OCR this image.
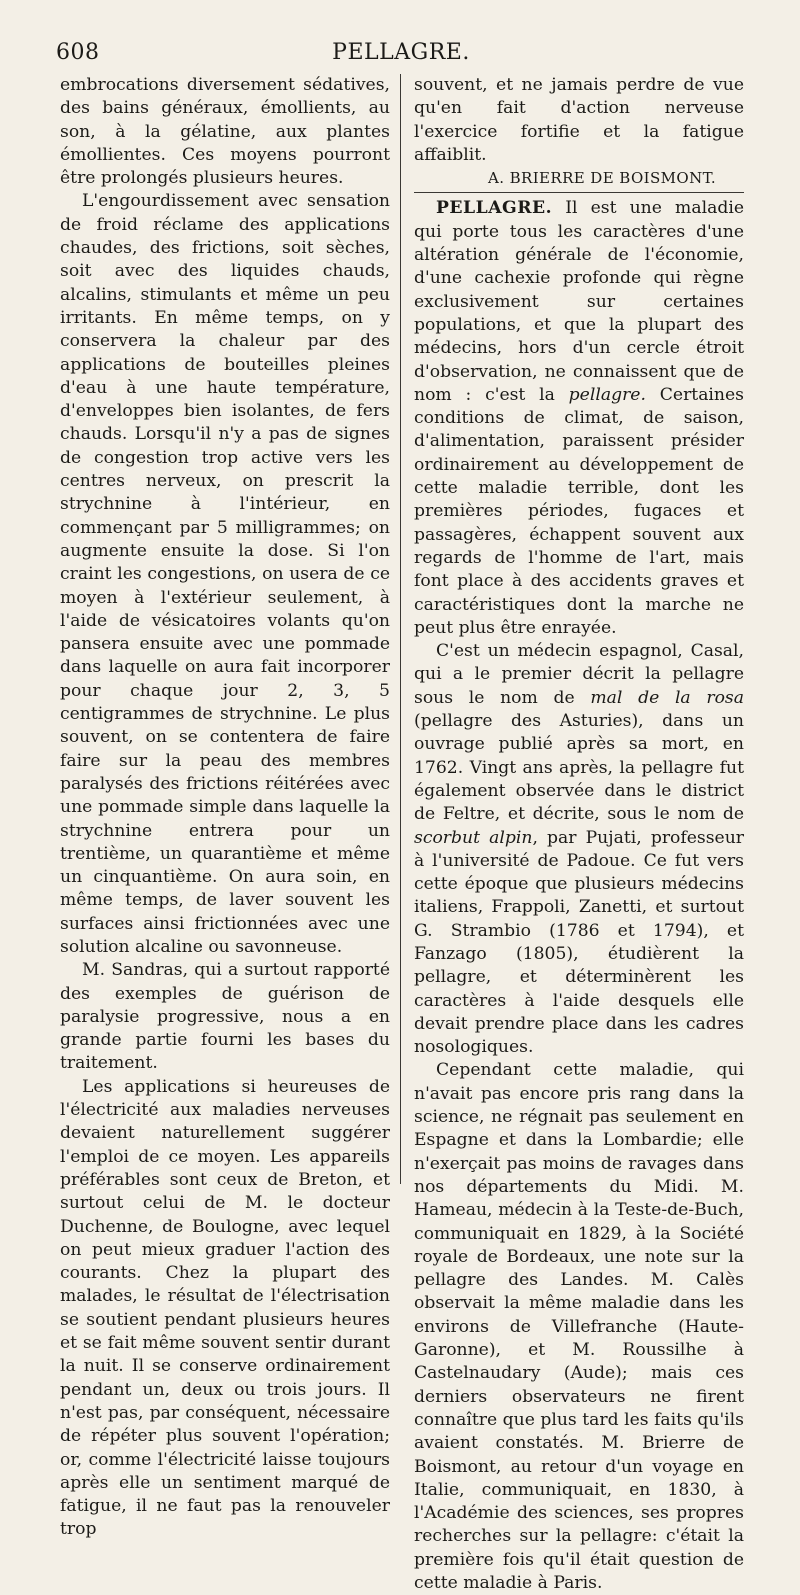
608	PELLAGRE.

embrocations diversement sédatives, des bains généraux, émollients, au son, à la gélatine, aux plantes émollientes. Ces moyens pourront être prolongés plusieurs heures.

L'engourdissement avec sensation de froid réclame des applications chaudes, des frictions, soit sèches, soit avec des liquides chauds, alcalins, stimulants et même un peu irritants. En même temps, on y conservera la chaleur par des applications de bouteilles pleines d'eau à une haute température, d'enveloppes bien isolantes, de fers chauds. Lorsqu'il n'y a pas de signes de congestion trop active vers les centres nerveux, on prescrit la strychnine à l'intérieur, en commençant par 5 milligrammes; on augmente ensuite la dose. Si l'on craint les congestions, on usera de ce moyen à l'extérieur seulement, à l'aide de vésicatoires volants qu'on pansera ensuite avec une pommade dans laquelle on aura fait incorporer pour chaque jour 2, 3, 5 centigrammes de strychnine. Le plus souvent, on se contentera de faire faire sur la peau des membres paralysés des frictions réitérées avec une pommade simple dans laquelle la strychnine entrera pour un trentième, un quarantième et même un cinquantième. On aura soin, en même temps, de laver souvent les surfaces ainsi frictionnées avec une solution alcaline ou savonneuse.

M. Sandras, qui a surtout rapporté des exemples de guérison de paralysie progressive, nous a en grande partie fourni les bases du traitement.

Les applications si heureuses de l'électricité aux maladies nerveuses devaient naturellement suggérer l'emploi de ce moyen. Les appareils préférables sont ceux de Breton, et surtout celui de M. le docteur Duchenne, de Boulogne, avec lequel on peut mieux graduer l'action des courants. Chez la plupart des malades, le résultat de l'électrisation se soutient pendant plusieurs heures et se fait même souvent sentir durant la nuit. Il se conserve ordinairement pendant un, deux ou trois jours. Il n'est pas, par conséquent, nécessaire de répéter plus souvent l'opération; or, comme l'électricité laisse toujours après elle un sentiment marqué de fatigue, il ne faut pas la renouveler trop

souvent, et ne jamais perdre de vue qu'en fait d'action nerveuse l'exercice fortifie et la fatigue affaiblit.

A. BRIERRE DE BOISMONT.

PELLAGRE. Il est une maladie qui porte tous les caractères d'une altération générale de l'économie, d'une cachexie profonde qui règne exclusivement sur certaines populations, et que la plupart des médecins, hors d'un cercle étroit d'observation, ne connaissent que de nom : c'est la pellagre. Certaines conditions de climat, de saison, d'alimentation, paraissent présider ordinairement au développement de cette maladie terrible, dont les premières périodes, fugaces et passagères, échappent souvent aux regards de l'homme de l'art, mais font place à des accidents graves et caractéristiques dont la marche ne peut plus être enrayée.

C'est un médecin espagnol, Casal, qui a le premier décrit la pellagre sous le nom de mal de la rosa (pellagre des Asturies), dans un ouvrage publié après sa mort, en 1762. Vingt ans après, la pellagre fut également observée dans le district de Feltre, et décrite, sous le nom de scorbut alpin, par Pujati, professeur à l'université de Padoue. Ce fut vers cette époque que plusieurs médecins italiens, Frappoli, Zanetti, et surtout G. Strambio (1786 et 1794), et Fanzago (1805), étudièrent la pellagre, et déterminèrent les caractères à l'aide desquels elle devait prendre place dans les cadres nosologiques.

Cependant cette maladie, qui n'avait pas encore pris rang dans la science, ne régnait pas seulement en Espagne et dans la Lombardie; elle n'exerçait pas moins de ravages dans nos départements du Midi. M. Hameau, médecin à la Teste-de-Buch, communiquait en 1829, à la Société royale de Bordeaux, une note sur la pellagre des Landes. M. Calès observait la même maladie dans les environs de Villefranche (Haute-Garonne), et M. Roussilhe à Castelnaudary (Aude); mais ces derniers observateurs ne firent connaître que plus tard les faits qu'ils avaient constatés. M. Brierre de Boismont, au retour d'un voyage en Italie, communiquait, en 1830, à l'Académie des sciences, ses propres recherches sur la pellagre: c'était la première fois qu'il était question de cette maladie à Paris.
